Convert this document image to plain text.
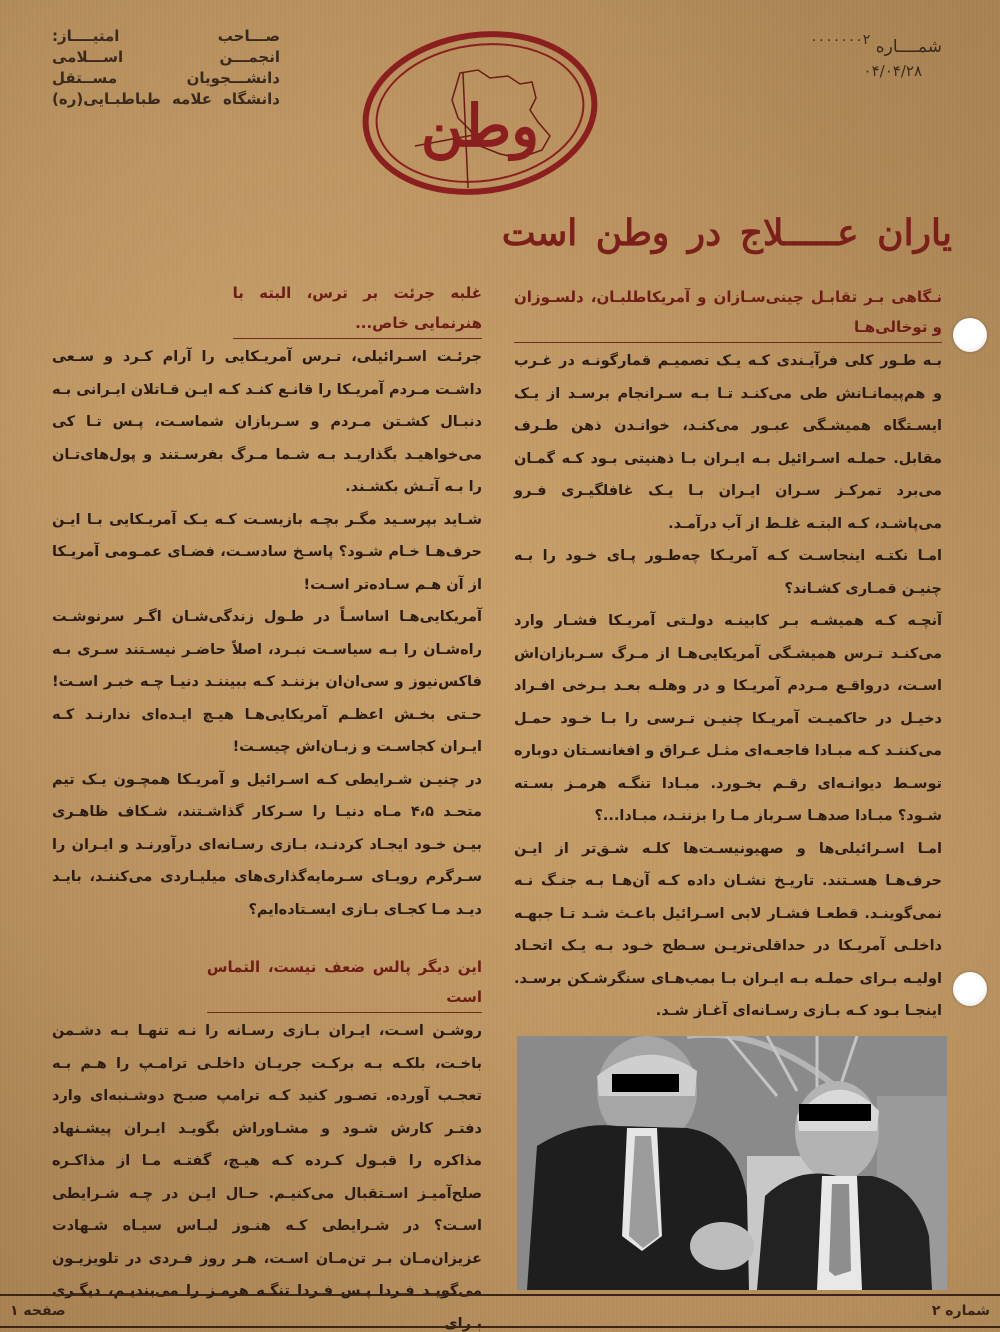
صـــاحب امتيــــاز:
انجمـــن اســـلامی
دانشـــجويان مســتقل
دانشگاه علامه طباطبـايی(ره) وطن
شمــــاره $^{۰۰۰۰۰۰۰۲}$
۰۴/۰۴/۲۸
یاران عـــــلاج در وطن است
نـگاهی بـر تقابـل چینی‌سـازان و آمریکاطلبـان، دلسـوزان و توخالی‌هـا

بـه طـور کلی فرآیـندی کـه یـک تصمیـم قمارگونـه در غـرب و هم‌پیمانـانش طی می‌کنـد تـا بـه سـرانجام برسـد از یـک ایسـتگاه همیشـگی عبـور می‌کنـد، خوانـدن ذهن طـرف مقابل. حملـه اسـرائیل بـه ایـران بـا ذهنیتی بـود کـه گمـان می‌برد تمرکـز سـران ایـران بـا یـک غافلگیـری فـرو می‌پاشـد، کـه البتـه غلـط از آب درآمـد.

امـا نکتـه اینجاسـت کـه آمریـکا چه‌طـور پـای خـود را بـه چنیـن قمـاری کشـاند؟

آنچـه کـه همیشـه بـر کابینـه دولـتی آمریـکا فشـار وارد می‌کنـد تـرس همیشـگی آمریکایی‌هـا از مـرگ سـربازان‌اش اسـت، درواقـع مـردم آمریـکا و در وهلـه بعـد بـرخی افـراد دخیـل در حاکمیـت آمریـکا چنیـن تـرسی را بـا خـود حمـل می‌کننـد کـه مبـادا فاجعـه‌ای مثـل عـراق و افغانسـتان دوباره توسـط دیوانـه‌ای رقـم بخـورد. مبـادا تنگـه هرمـز بسـته شـود؟ مبـادا صدهـا سـرباز مـا را بزننـد، مبـادا...؟

امـا اسـرائیلی‌ها و صهیونیسـت‌ها کلـه شـق‌تر از ایـن حرف‌هـا هسـتند. تاریـخ نشـان داده کـه آن‌هـا بـه جنـگ نـه نمی‌گوینـد. قطعـا فشـار لابی اسـرائیل باعـث شـد تـا جبهـه داخلـی آمریـکا در حداقلی‌تریـن سـطح خـود بـه یـک اتحـاد اولیـه بـرای حملـه بـه ایـران بـا بمب‌هـای سنگرشـکن برسـد. اینجـا بـود کـه بـازی رسـانه‌ای آغـاز شـد.

غلبه جرئت بر ترس، البته با هنرنمایی خاص...

جرئـت اسـرائیلی، تـرس آمریـکایی را آرام کـرد و سـعی داشـت مـردم آمریـکا را قانـع کنـد کـه ایـن قـاتلان ایـرانی بـه دنبـال کشـتن مـردم و سـربازان شماسـت، پـس تـا کی می‌خواهیـد بگذاریـد بـه شـما مـرگ بفرسـتند و پول‌های‌تـان را بـه آتـش بکشـند.

شـاید بپرسـید مگـر بچـه بازیسـت کـه یـک آمریـکایی بـا ایـن حرف‌هـا خـام شـود؟ پاسـخ سادسـت، فضـای عمـومی آمریـکا از آن هـم سـاده‌تر اسـت!

آمریکایی‌هـا اساسـاً در طـول زندگی‌شـان اگـر سرنوشـت راه‌شـان را بـه سیاسـت نبـرد، اصلاً حاضـر نیسـتند سـری بـه فاکس‌نیوز و سی‌ان‌ان بزننـد کـه ببیننـد دنیـا چـه خبـر اسـت! حـتی بخـش اعظـم آمریکایی‌هـا هیـچ ایـده‌ای ندارنـد کـه ایـران کجاسـت و زبـان‌اش چیسـت!

در چنیـن شـرایطی کـه اسـرائیل و آمریـکا همچـون یـک تیم متحـد ۴،۵ مـاه دنیـا را سـرکار گذاشـتند، شـکاف ظاهـری بیـن خـود ایجـاد کردنـد، بـازی رسـانه‌ای درآورنـد و ایـران را سـرگرم رویـای سـرمایه‌گذاری‌های میلیـاردی می‌کننـد، بایـد دیـد مـا کجـای بـازی ایسـتاده‌ایم؟

این دیگر پالس ضعف نیست، التماس است

روشـن اسـت، ایـران بـازی رسـانه را نـه تنهـا بـه دشـمن باخـت، بلکـه بـه برکـت جریـان داخلـی ترامـپ را هـم بـه تعجـب آورده. تصـور کنید کـه ترامپ صبـح دوشـنبه‌ای وارد دفتـر کارش شـود و مشـاوراش بگویـد ایـران پیشـنهاد مذاکره را قبـول کـرده کـه هیـچ، گفتـه مـا از مذاکـره صلح‌آمیـز اسـتقبال می‌کنیـم. حـال ایـن در چـه شـرایطی اسـت؟ در شـرایطی کـه هنـوز لبـاس سیـاه شـهادت عزیزان‌مـان بـر تن‌مـان اسـت، هـر روز فـردی در تلویزیـون می‌گویـد فـردا پـس فـردا تنگـه هرمـز را می‌بندیـم، دیگـری بـرای

شماره ۲
صفحه ۱
